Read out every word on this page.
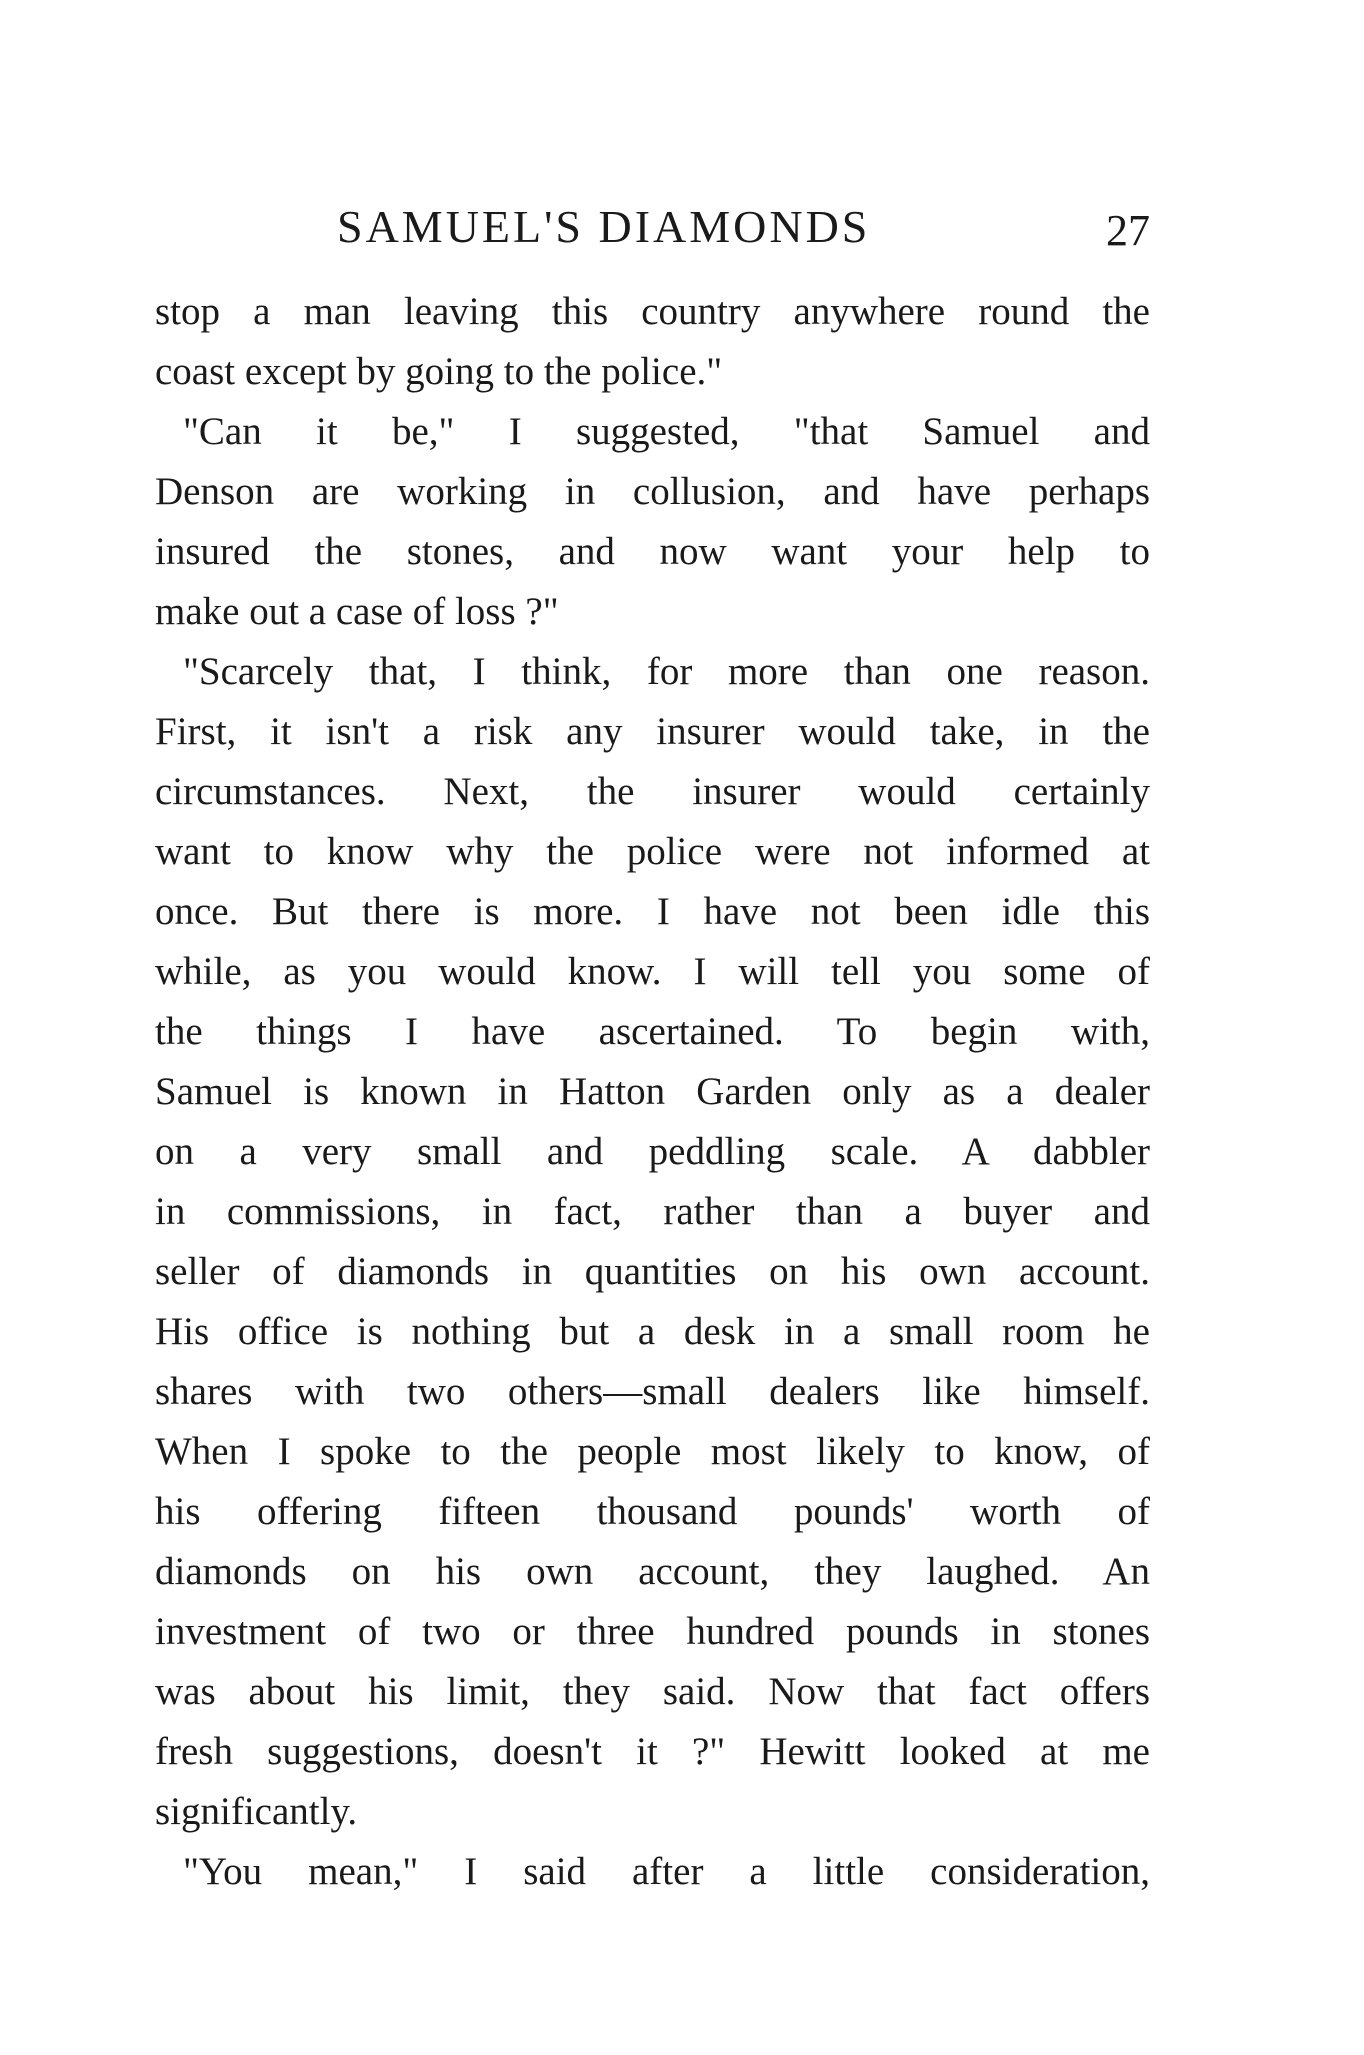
SAMUEL'S DIAMONDS	27
stop a man leaving this country anywhere round the
coast except by going to the police."
"Can it be," I suggested, "that Samuel and
Denson are working in collusion, and have perhaps
insured the stones, and now want your help to
make out a case of loss ?"
"Scarcely that, I think, for more than one reason.
First, it isn't a risk any insurer would take, in the
circumstances. Next, the insurer would certainly
want to know why the police were not informed at
once. But there is more. I have not been idle this
while, as you would know. I will tell you some of
the things I have ascertained. To begin with,
Samuel is known in Hatton Garden only as a dealer
on a very small and peddling scale. A dabbler
in commissions, in fact, rather than a buyer and
seller of diamonds in quantities on his own account.
His office is nothing but a desk in a small room he
shares with two others—small dealers like himself.
When I spoke to the people most likely to know, of
his offering fifteen thousand pounds' worth of
diamonds on his own account, they laughed. An
investment of two or three hundred pounds in stones
was about his limit, they said. Now that fact offers
fresh suggestions, doesn't it ?" Hewitt looked at me
significantly.
"You mean," I said after a little consideration,
